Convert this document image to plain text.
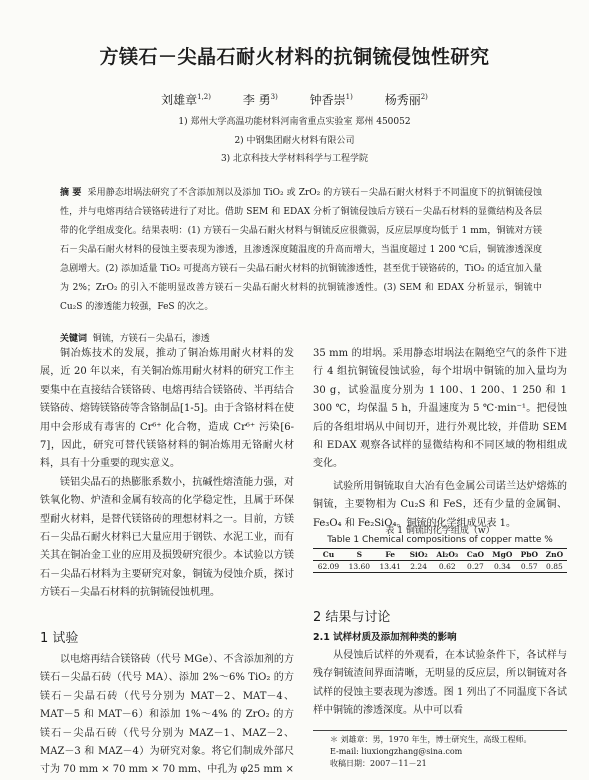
方镁石－尖晶石耐火材料的抗铜锍侵蚀性研究
刘雄章$^{1,2)}$	李 勇$^{3)}$	钟香崇$^{1)}$	杨秀丽$^{2)}$
1) 郑州大学高温功能材料河南省重点实验室 郑州 450052
2) 中钢集团耐火材料有限公司
3) 北京科技大学材料科学与工程学院
摘 要 采用静态坩埚法研究了不含添加剂以及添加 TiO₂ 或 ZrO₂ 的方镁石－尖晶石耐火材料于不同温度下的抗铜锍侵蚀性，并与电熔再结合镁铬砖进行了对比。借助 SEM 和 EDAX 分析了铜锍侵蚀后方镁石－尖晶石材料的显微结构及各层带的化学组成变化。结果表明：(1) 方镁石－尖晶石耐火材料与铜锍反应很微弱，反应层厚度均低于 1 mm，铜锍对方镁石－尖晶石耐火材料的侵蚀主要表现为渗透，且渗透深度随温度的升高而增大，当温度超过 1 200 ℃后，铜锍渗透深度急剧增大。(2) 添加适量 TiO₂ 可提高方镁石－尖晶石耐火材料的抗铜锍渗透性，甚至优于镁铬砖的，TiO₂ 的适宜加入量为 2%；ZrO₂ 的引入不能明显改善方镁石－尖晶石耐火材料的抗铜锍渗透性。(3) SEM 和 EDAX 分析显示，铜锍中 Cu₂S 的渗透能力较强，FeS 的次之。
关键词 铜锍，方镁石－尖晶石，渗透

铜冶炼技术的发展，推动了铜冶炼用耐火材料的发展，近 20 年以来，有关铜冶炼用耐火材料的研究工作主要集中在直接结合镁铬砖、电熔再结合镁铬砖、半再结合镁铬砖、熔铸镁铬砖等含铬制品[1-5]。由于含铬材料在使用中会形成有毒害的 Cr⁶⁺ 化合物，造成 Cr⁶⁺ 污染[6-7]，因此，研究可替代镁铬材料的铜冶炼用无铬耐火材料，具有十分重要的现实意义。

镁铝尖晶石的热膨胀系数小，抗碱性熔渣能力强，对铁氧化物、炉渣和金属有较高的化学稳定性，且属于环保型耐火材料，是替代镁铬砖的理想材料之一。目前，方镁石－尖晶石耐火材料已大量应用于钢铁、水泥工业，而有关其在铜冶金工业的应用及损毁研究很少。本试验以方镁石－尖晶石材料为主要研究对象，铜锍为侵蚀介质，探讨方镁石－尖晶石材料的抗铜锍侵蚀机理。

1 试验

以电熔再结合镁铬砖（代号 MGe）、不含添加剂的方镁石－尖晶石砖（代号 MA）、添加 2%～6% TiO₂ 的方镁石－尖晶石砖（代号分别为 MAT－2、MAT－4、MAT－5 和 MAT－6）和添加 1%～4% 的 ZrO₂ 的方镁石－尖晶石砖（代号分别为 MAZ－1、MAZ－2、MAZ－3 和 MAZ－4）为研究对象。将它们制成外部尺寸为 70 mm × 70 mm × 70 mm、中孔为 φ25 mm ×

35 mm 的坩埚。采用静态坩埚法在隔绝空气的条件下进行 4 组抗铜锍侵蚀试验，每个坩埚中铜锍的加入量均为 30 g，试验温度分别为 1 100、1 200、1 250 和 1 300 ℃，均保温 5 h，升温速度为 5 ℃·min⁻¹。把侵蚀后的各组坩埚从中间切开，进行外观比较，并借助 SEM 和 EDAX 观察各试样的显微结构和不同区域的物相组成变化。

试验所用铜锍取自大冶有色金属公司诺兰达炉熔炼的铜锍，主要物相为 Cu₂S 和 FeS，还有少量的金属铜、Fe₃O₄ 和 Fe₂SiO₄。铜锍的化学组成见表 1。

表 1 铜锍的化学组成（w）
Table 1 Chemical compositions of copper matte %
Cu	S	Fe	SiO₂	Al₂O₃	CaO	MgO	PbO	ZnO
62.09	13.60	13.41	2.24	0.62	0.27	0.34	0.57	0.85
2 结果与讨论
2.1 试样材质及添加剂种类的影响

从侵蚀后试样的外观看，在本试验条件下，各试样与残存铜锍渣间界面清晰，无明显的反应层，所以铜锍对各试样的侵蚀主要表现为渗透。图 1 列出了不同温度下各试样中铜锍的渗透深度。从中可以看

＊ 刘雄章：男，1970 年生，博士研究生，高级工程师。
E-mail: liuxiongzhang@sina.com
收稿日期：2007－11－21
